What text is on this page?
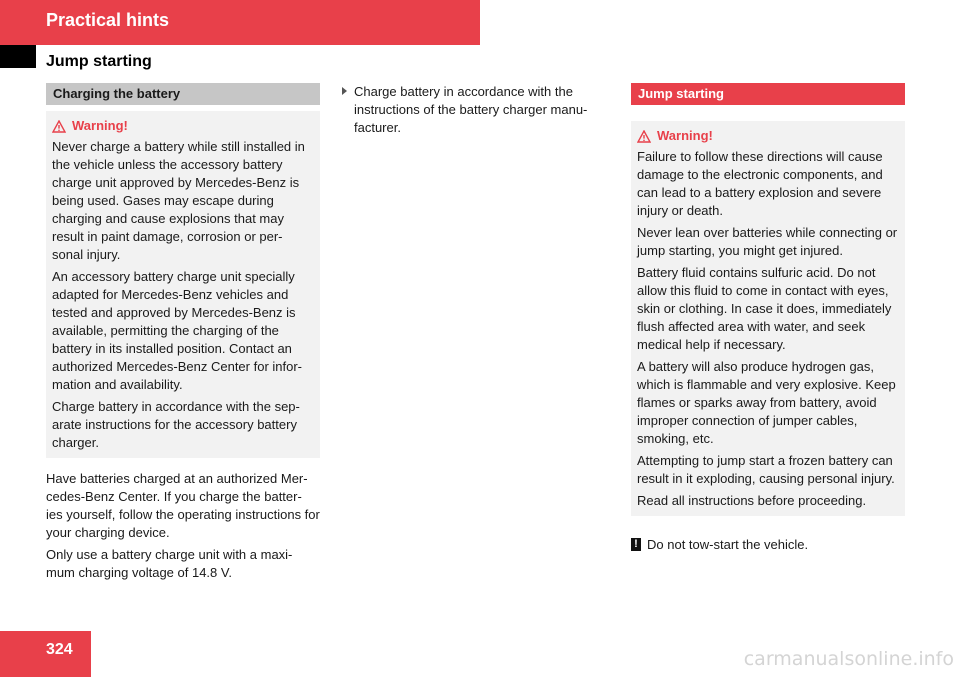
Practical hints
Jump starting
Charging the battery
Warning!

Never charge a battery while still installed in the vehicle unless the accessory battery charge unit approved by Mercedes-Benz is being used. Gases may escape during charging and cause explosions that may result in paint damage, corrosion or per- sonal injury.

An accessory battery charge unit specially adapted for Mercedes-Benz vehicles and tested and approved by Mercedes-Benz is available, permitting the charging of the battery in its installed position. Contact an authorized Mercedes-Benz Center for infor- mation and availability.

Charge battery in accordance with the sep- arate instructions for the accessory battery charger.

Have batteries charged at an authorized Mer- cedes-Benz Center. If you charge the batter- ies yourself, follow the operating instructions for your charging device.

Only use a battery charge unit with a maxi- mum charging voltage of 14.8 V.

Charge battery in accordance with the instructions of the battery charger manu- facturer.
Jump starting
Warning!

Failure to follow these directions will cause damage to the electronic components, and can lead to a battery explosion and severe injury or death.

Never lean over batteries while connecting or jump starting, you might get injured.

Battery fluid contains sulfuric acid. Do not allow this fluid to come in contact with eyes, skin or clothing. In case it does, immediately flush affected area with water, and seek medical help if necessary.

A battery will also produce hydrogen gas, which is flammable and very explosive. Keep flames or sparks away from battery, avoid improper connection of jumper cables, smoking, etc.

Attempting to jump start a frozen battery can result in it exploding, causing personal injury.

Read all instructions before proceeding.

! Do not tow-start the vehicle.
324	carmanualsonline.info
